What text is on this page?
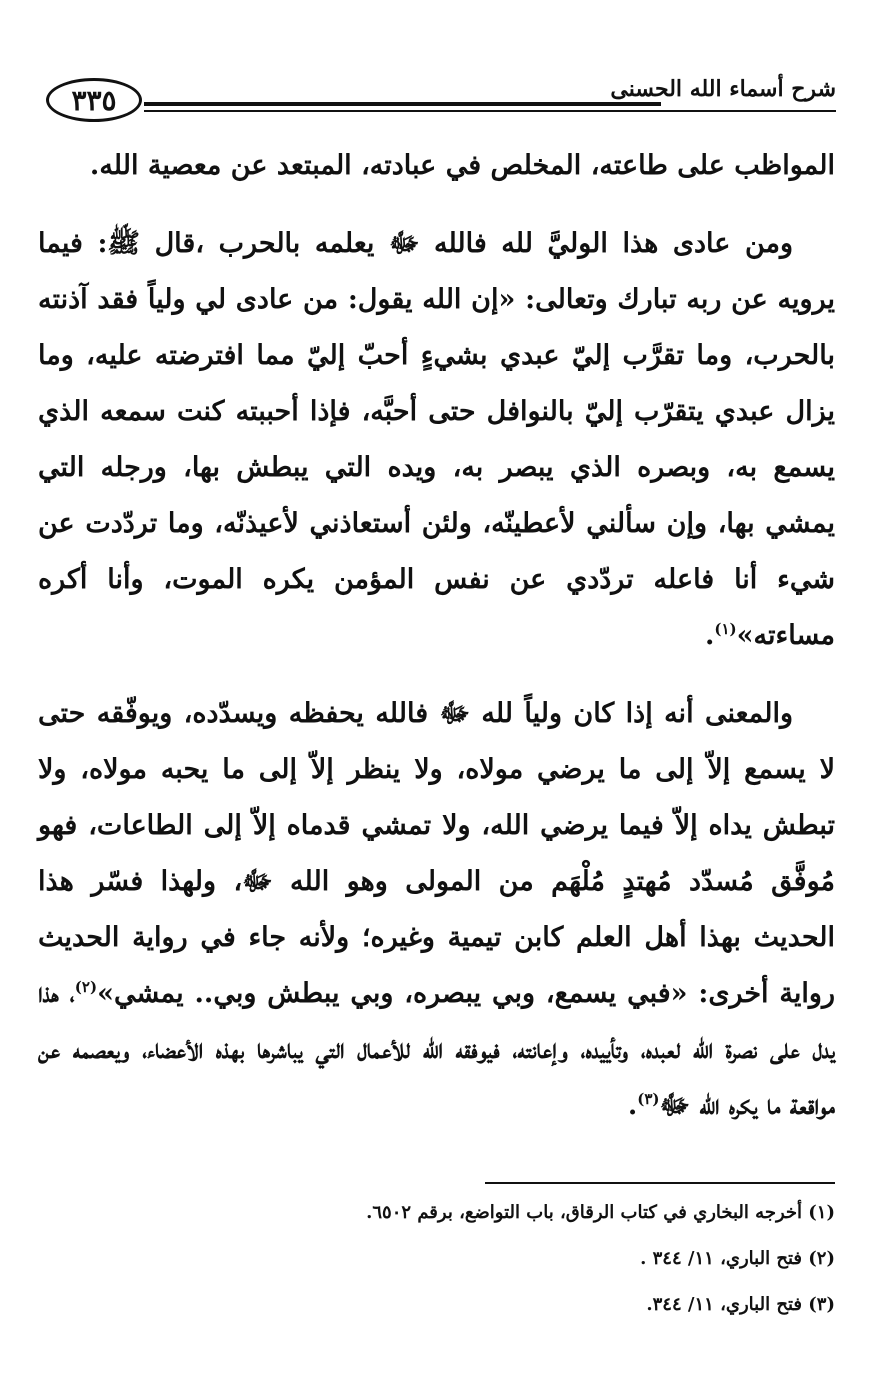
شرح أسماء الله الحسنى
٣٣٥

المواظب على طاعته، المخلص في عبادته، المبتعد عن معصية الله.

ومن عادى هذا الوليَّ لله فالله ﷻ يعلمه بالحرب ،قال ﷺ: فيما يرويه عن ربه تبارك وتعالى: «إن الله يقول: من عادى لي ولياً فقد آذنته بالحرب، وما تقرَّب إليّ عبدي بشيءٍ أحبّ إليّ مما افترضته عليه، وما يزال عبدي يتقرّب إليّ بالنوافل حتى أحبَّه، فإذا أحببته كنت سمعه الذي يسمع به، وبصره الذي يبصر به، ويده التي يبطش بها، ورجله التي يمشي بها، وإن سألني لأعطينّه، ولئن أستعاذني لأعيذنّه، وما تردّدت عن شيء أنا فاعله تردّدي عن نفس المؤمن يكره الموت، وأنا أكره مساءته»$^{(١)}$.

والمعنى أنه إذا كان ولياً لله ﷻ فالله يحفظه ويسدّده، ويوفّقه حتى لا يسمع إلاّ إلى ما يرضي مولاه، ولا ينظر إلاّ إلى ما يحبه مولاه، ولا تبطش يداه إلاّ فيما يرضي الله، ولا تمشي قدماه إلاّ إلى الطاعات، فهو مُوفَّق مُسدّد مُهتدٍ مُلْهَم من المولى وهو الله ﷻ، ولهذا فسّر هذا الحديث بهذا أهل العلم كابن تيمية وغيره؛ ولأنه جاء في رواية الحديث رواية أخرى: «فبي يسمع، وبي يبصره، وبي يبطش وبي.. يمشي»$^{(٢)}$، هذا يدل على نصرة الله لعبده، وتأييده، وإعانته، فيوفقه الله للأعمال التي يباشرها بهذه الأعضاء، ويعصمه عن مواقعة ما يكره الله ﷻ$^{(٣)}$.

(١) أخرجه البخاري في كتاب الرقاق، باب التواضع، برقم ٦٥٠٢.
(٢) فتح الباري، ١١/ ٣٤٤ .
(٣) فتح الباري، ١١/ ٣٤٤.
